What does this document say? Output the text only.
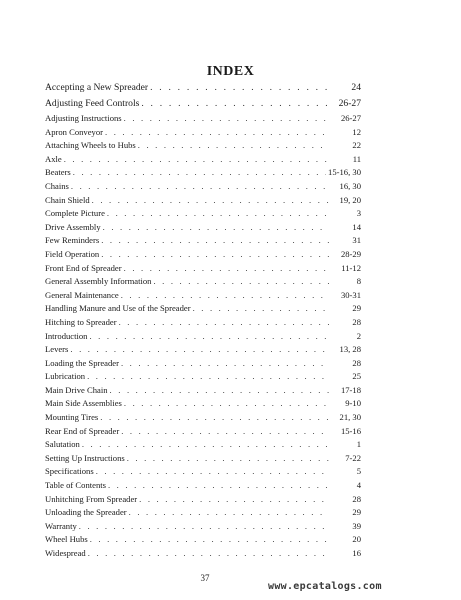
INDEX
Accepting a New Spreader . . .	24
Adjusting Feed Controls . . .	26-27
Adjusting Instructions . . .	26-27
Apron Conveyor . . .	12
Attaching Wheels to Hubs . . .	22
Axle . . .	11
Beaters . . .	15-16, 30
Chains . . .	16, 30
Chain Shield . . .	19, 20
Complete Picture . . .	3
Drive Assembly . . .	14
Few Reminders . . .	31
Field Operation . . .	28-29
Front End of Spreader . . .	11-12
General Assembly Information . . .	8
General Maintenance . . .	30-31
Handling Manure and Use of the Spreader . . .	29
Hitching to Spreader . . .	28
Introduction . . .	2
Levers . . .	13, 28
Loading the Spreader . . .	28
Lubrication . . .	25
Main Drive Chain . . .	17-18
Main Side Assemblies . . .	9-10
Mounting Tires . . .	21, 30
Rear End of Spreader . . .	15-16
Salutation . . .	1
Setting Up Instructions . . .	7-22
Specifications . . .	5
Table of Contents . . .	4
Unhitching From Spreader . . .	28
Unloading the Spreader . . .	29
Warranty . . .	39
Wheel Hubs . . .	20
Widespread . . .	16
37
www.epcatalogs.com
